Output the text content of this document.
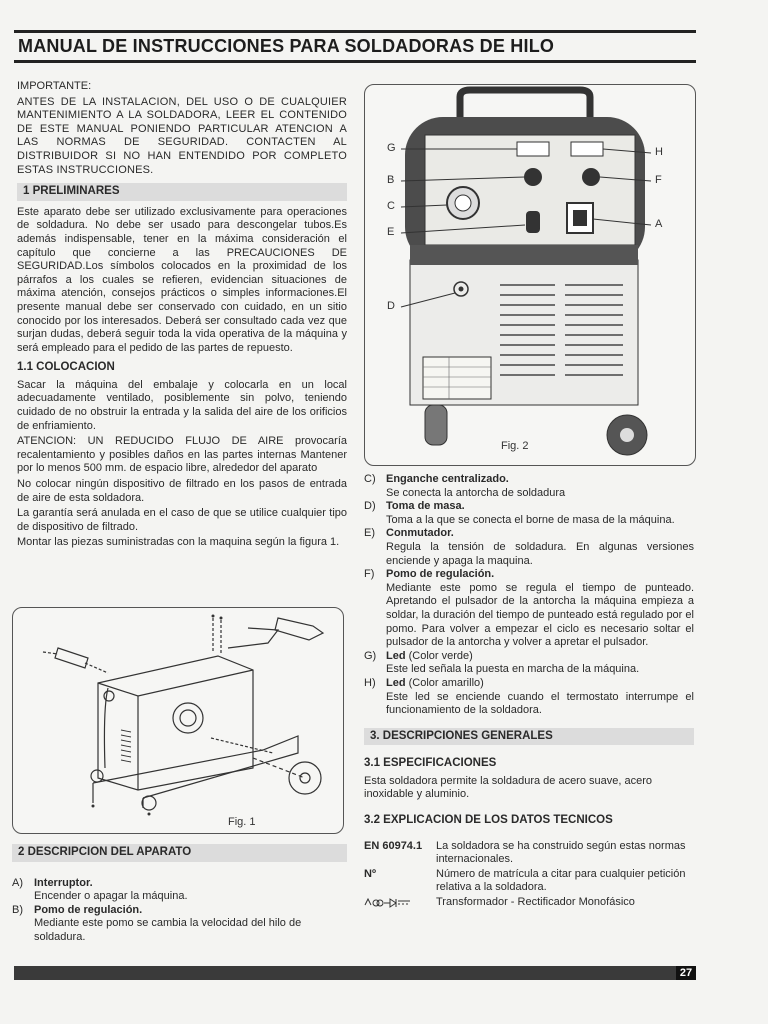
MANUAL DE INSTRUCCIONES PARA SOLDADORAS DE HILO

IMPORTANTE:

ANTES DE LA INSTALACION, DEL USO O DE CUALQUIER MANTENIMIENTO A LA SOLDADORA, LEER EL CONTENIDO DE ESTE MANUAL PONIENDO PARTICULAR ATENCION A LAS NORMAS DE SEGURIDAD. CONTACTEN AL DISTRIBUIDOR SI NO HAN ENTENDIDO POR COMPLETO ESTAS INSTRUCCIONES.

1 PRELIMINARES

Este aparato debe ser utilizado exclusivamente para operaciones de soldadura. No debe ser usado para descongelar tubos.Es además indispensable, tener en la máxima consideración el capítulo que concierne a las PRECAUCIONES DE SEGURIDAD.Los símbolos colocados en la proximidad de los párrafos a los cuales se refieren, evidencian situaciones de máxima atención, consejos prácticos o simples informaciones.El presente manual debe ser conservado con cuidado, en un sitio conocido por los interesados. Deberá ser consultado cada vez que surjan dudas, deberá seguir toda la vida operativa de la máquina y será empleado para el pedido de las partes de repuesto.

1.1 COLOCACION

Sacar la máquina del embalaje y colocarla en un local adecuadamente ventilado, posiblemente sin polvo, teniendo cuidado de no obstruir la entrada y la salida del aire de los orificios de enfriamiento.

ATENCION: UN REDUCIDO FLUJO DE AIRE provocaría recalentamiento y posibles daños en las partes internas Mantener por lo menos 500 mm. de espacio libre, alrededor del aparato

No colocar ningún dispositivo de filtrado en los pasos de entrada de aire de esta soldadora.

La garantía será anulada en el caso de que se utilice cualquier tipo de dispositivo de filtrado.

Montar las piezas suministradas con la maquina según la figura 1.

Fig. 1
2 DESCRIPCION DEL APARATO
A)	Interruptor.
Encender o apagar la máquina.
B)	Pomo de regulación.
Mediante este pomo se cambia la velocidad del hilo de soldadura.
G
B
C
E
D
H
F
A
Fig. 2
C) Enganche centralizado.
Se conecta la antorcha de soldadura
D) Toma de masa.
Toma a la que se conecta el borne de masa de la máquina.
E)	Conmutador.
Regula la tensión de soldadura. En algunas versiones enciende y apaga la maquina.
F)	Pomo de regulación.
Mediante este pomo se regula el tiempo de punteado. Apretando el pulsador de la antorcha la máquina empieza a soldar, la duración del tiempo de punteado está regulado por el pomo. Para volver a empezar el ciclo es necesario soltar el pulsador de la antorcha y volver a apretar el pulsador.
G) Led (Color verde)
Este led señala la puesta en marcha de la máquina.
H) Led (Color amarillo)
Este led se enciende cuando el termostato interrumpe el funcionamiento de la soldadora.
3. DESCRIPCIONES GENERALES
3.1 ESPECIFICACIONES

Esta soldadora permite la soldadura de acero suave, acero inoxidable y aluminio.

3.2 EXPLICACION DE LOS DATOS TECNICOS
EN 60974.1	La soldadora se ha construido según estas normas internacionales.
Nº	Número de matrícula a citar para cualquier petición relativa a la soldadora.
Transformador - Rectificador Monofásico
27
